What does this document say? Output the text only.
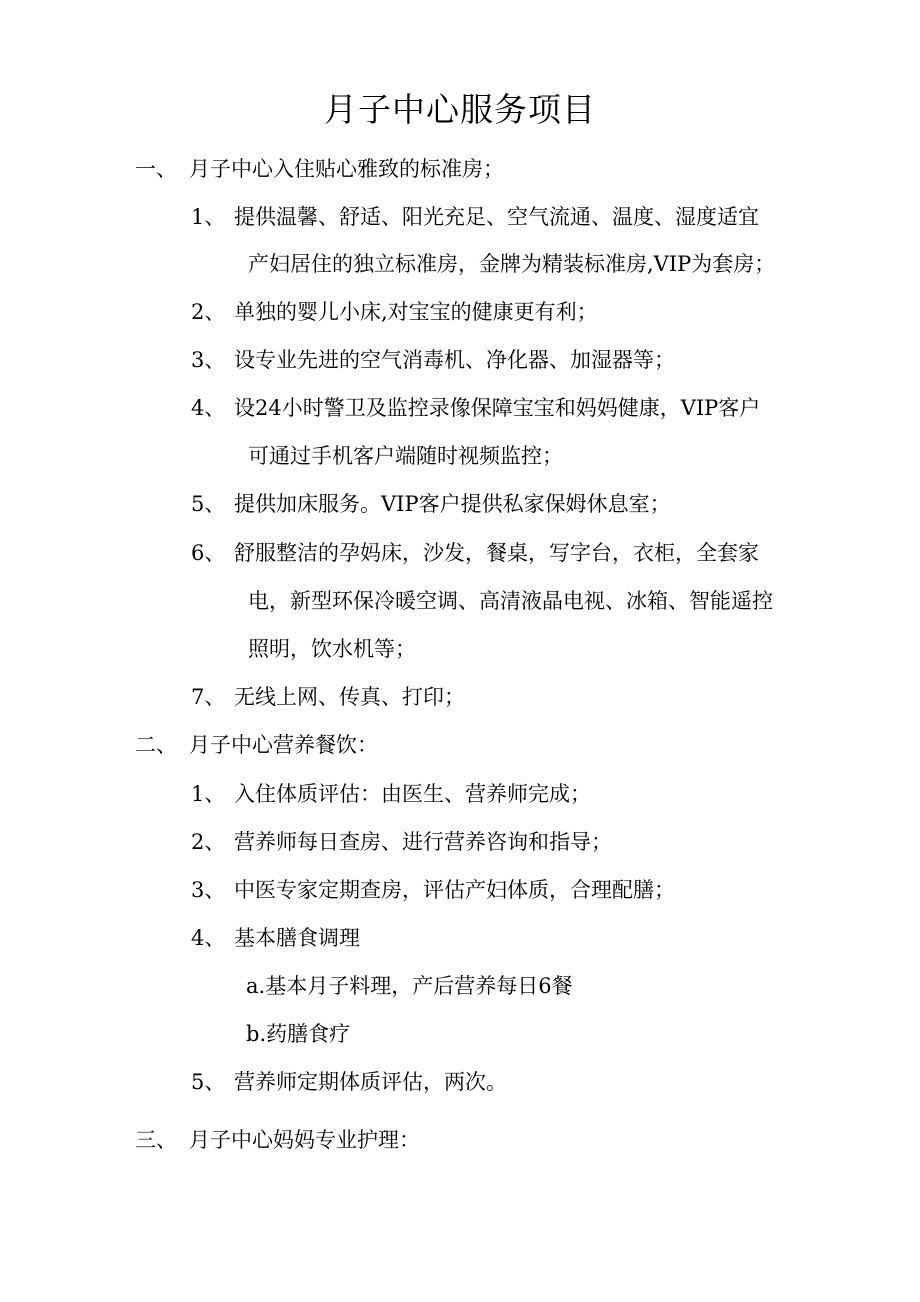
月子中心服务项目
一、 月子中心入住贴心雅致的标准房；
1、 提供温馨、舒适、阳光充足、空气流通、温度、湿度适宜
产妇居住的独立标准房，金牌为精装标准房,VIP为套房；
2、 单独的婴儿小床,对宝宝的健康更有利；
3、 设专业先进的空气消毒机、净化器、加湿器等；
4、 设24小时警卫及监控录像保障宝宝和妈妈健康，VIP客户
可通过手机客户端随时视频监控；
5、 提供加床服务。VIP客户提供私家保姆休息室；
6、 舒服整洁的孕妈床，沙发，餐桌，写字台，衣柜，全套家
电，新型环保冷暖空调、高清液晶电视、冰箱、智能遥控
照明，饮水机等；
7、 无线上网、传真、打印；
二、 月子中心营养餐饮：
1、 入住体质评估：由医生、营养师完成；
2、 营养师每日查房、进行营养咨询和指导；
3、 中医专家定期查房，评估产妇体质，合理配膳；
4、 基本膳食调理
a.基本月子料理，产后营养每日6餐
b.药膳食疗
5、 营养师定期体质评估，两次。
三、 月子中心妈妈专业护理：
